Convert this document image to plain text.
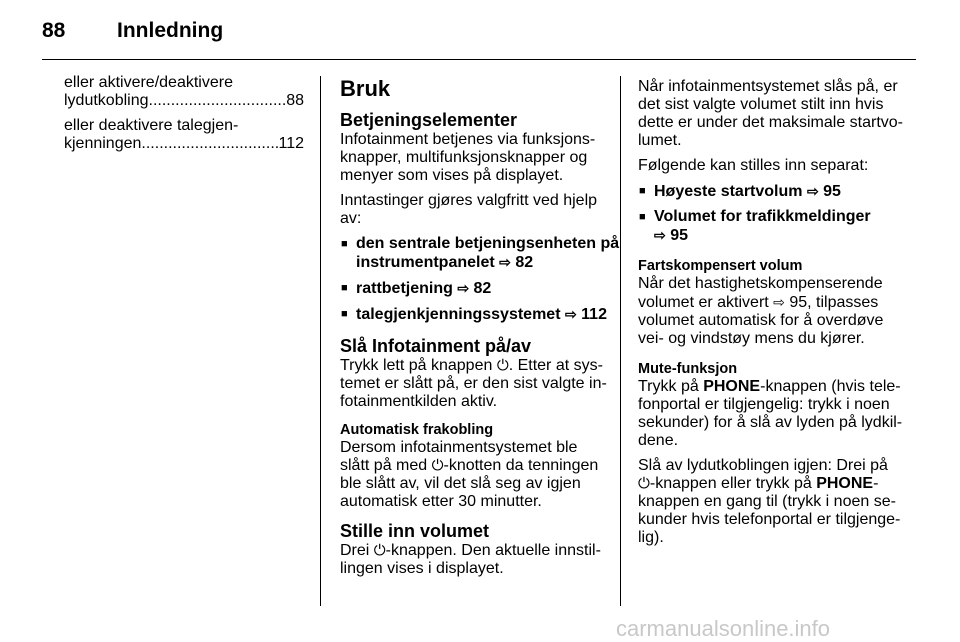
88 Innledning
eller aktivere/deaktivere
lydutkobling .....	88
eller deaktivere talegjen-
kjenningen .....	112
Bruk
Betjeningselementer
Infotainment betjenes via funksjons-
knapper, multifunksjonsknapper og
menyer som vises på displayet.
Inntastinger gjøres valgfritt ved hjelp
av:
■ den sentrale betjeningsenheten på
instrumentpanelet ⇨ 82
■ rattbetjening ⇨ 82
■ talegjenkjenningssystemet ⇨ 112
Slå Infotainment på/av
Trykk lett på knappen ⏻. Etter at sys-
temet er slått på, er den sist valgte in-
fotainmentkilden aktiv.
Automatisk frakobling
Dersom infotainmentsystemet ble
slått på med ⏻-knotten da tenningen
ble slått av, vil det slå seg av igjen
automatisk etter 30 minutter.
Stille inn volumet
Drei ⏻-knappen. Den aktuelle innstil-
lingen vises i displayet.
Når infotainmentsystemet slås på, er
det sist valgte volumet stilt inn hvis
dette er under det maksimale startvo-
lumet.
Følgende kan stilles inn separat:
■ Høyeste startvolum ⇨ 95
■ Volumet for trafikkmeldinger
⇨ 95
Fartskompensert volum
Når det hastighetskompenserende
volumet er aktivert ⇨ 95, tilpasses
volumet automatisk for å overdøve
vei- og vindstøy mens du kjører.
Mute-funksjon
Trykk på PHONE-knappen (hvis tele-
fonportal er tilgjengelig: trykk i noen
sekunder) for å slå av lyden på lydkil-
dene.
Slå av lydutkoblingen igjen: Drei på
⏻-knappen eller trykk på PHONE-
knappen en gang til (trykk i noen se-
kunder hvis telefonportal er tilgjenge-
lig).
carmanualsonline.info
